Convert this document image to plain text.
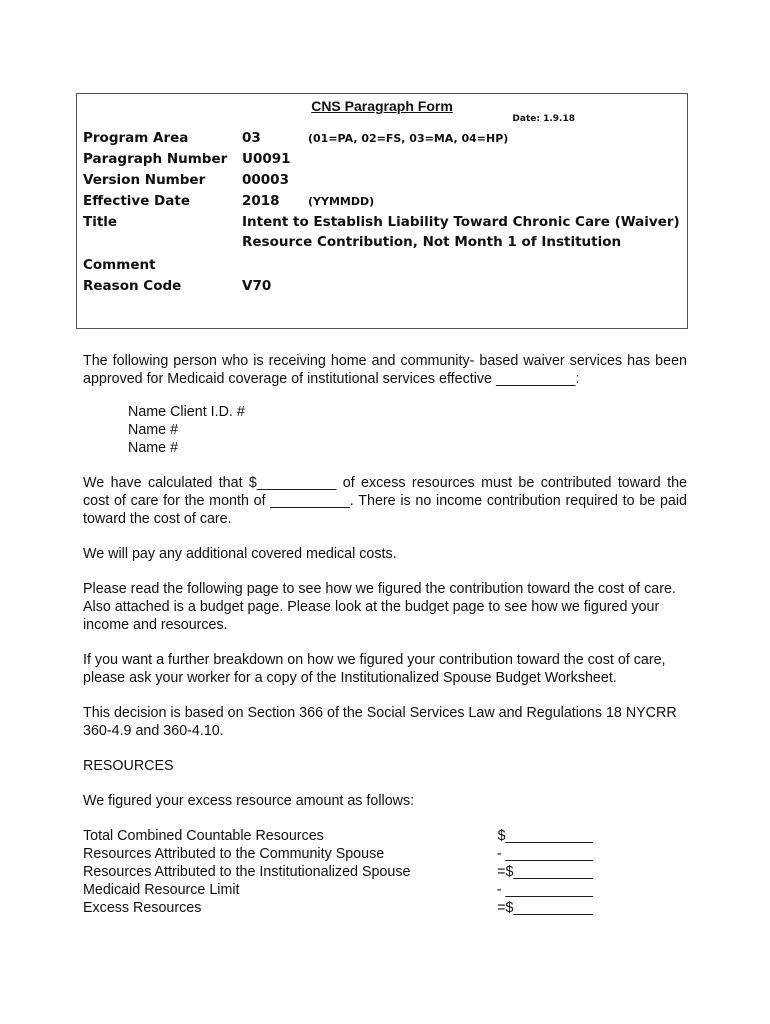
CNS Paragraph Form
Date: 1.9.18
Program Area	03	(01=PA, 02=FS, 03=MA, 04=HP)
Paragraph Number	U0091
Version Number	00003
Effective Date	2018	(YYMMDD)
Title	Intent to Establish Liability Toward Chronic Care (Waiver)
Resource Contribution, Not Month 1 of Institution
Comment
Reason Code	V70

The following person who is receiving home and community- based waiver services has been approved for Medicaid coverage of institutional services effective __________:

Name Client I.D. #
Name #
Name #

We have calculated that $__________ of excess resources must be contributed toward the cost of care for the month of __________. There is no income contribution required to be paid toward the cost of care.

We will pay any additional covered medical costs.

Please read the following page to see how we figured the contribution toward the cost of care. Also attached is a budget page. Please look at the budget page to see how we figured your income and resources.

If you want a further breakdown on how we figured your contribution toward the cost of care, please ask your worker for a copy of the Institutionalized Spouse Budget Worksheet.

This decision is based on Section 366 of the Social Services Law and Regulations 18 NYCRR 360-4.9 and 360-4.10.

RESOURCES

We figured your excess resource amount as follows:

Total Combined Countable Resources	$___________
Resources Attributed to the Community Spouse	- ___________
Resources Attributed to the Institutionalized Spouse	=$__________
Medicaid Resource Limit	- ___________
Excess Resources	=$__________
